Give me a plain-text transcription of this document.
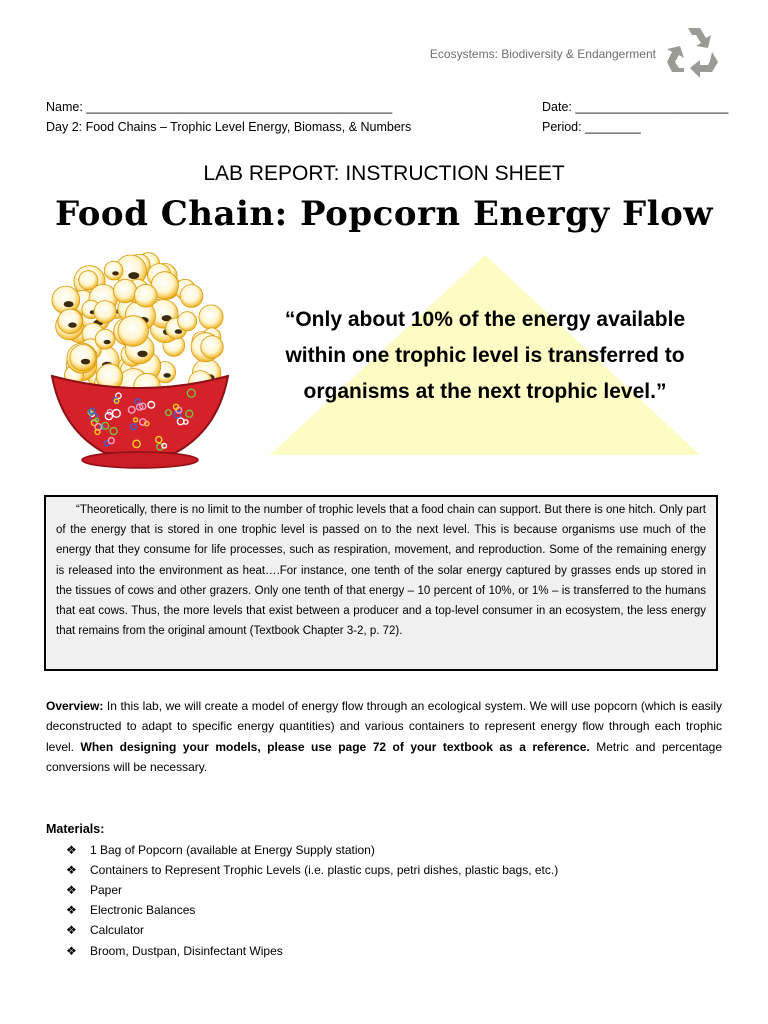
Ecosystems: Biodiversity & Endangerment
Name: ____________________________________________	Date: ______________________
Day 2: Food Chains – Trophic Level Energy, Biomass, & Numbers	Period: ________
LAB REPORT: INSTRUCTION SHEET
Food Chain: Popcorn Energy Flow
“Only about 10% of the energy available
within one trophic level is transferred to
organisms at the next trophic level.”
“Theoretically, there is no limit to the number of trophic levels that a food chain can support. But there is one hitch. Only part of the energy that is stored in one trophic level is passed on to the next level. This is because organisms use much of the energy that they consume for life processes, such as respiration, movement, and reproduction. Some of the remaining energy is released into the environment as heat….For instance, one tenth of the solar energy captured by grasses ends up stored in the tissues of cows and other grazers. Only one tenth of that energy – 10 percent of 10%, or 1% – is transferred to the humans that eat cows. Thus, the more levels that exist between a producer and a top-level consumer in an ecosystem, the less energy that remains from the original amount (Textbook Chapter 3-2, p. 72).
Overview: In this lab, we will create a model of energy flow through an ecological system. We will use popcorn (which is easily deconstructed to adapt to specific energy quantities) and various containers to represent energy flow through each trophic level. When designing your models, please use page 72 of your textbook as a reference. Metric and percentage conversions will be necessary.
Materials:
❖	1 Bag of Popcorn (available at Energy Supply station)
❖	Containers to Represent Trophic Levels (i.e. plastic cups, petri dishes, plastic bags, etc.)
❖	Paper
❖	Electronic Balances
❖	Calculator
❖	Broom, Dustpan, Disinfectant Wipes
